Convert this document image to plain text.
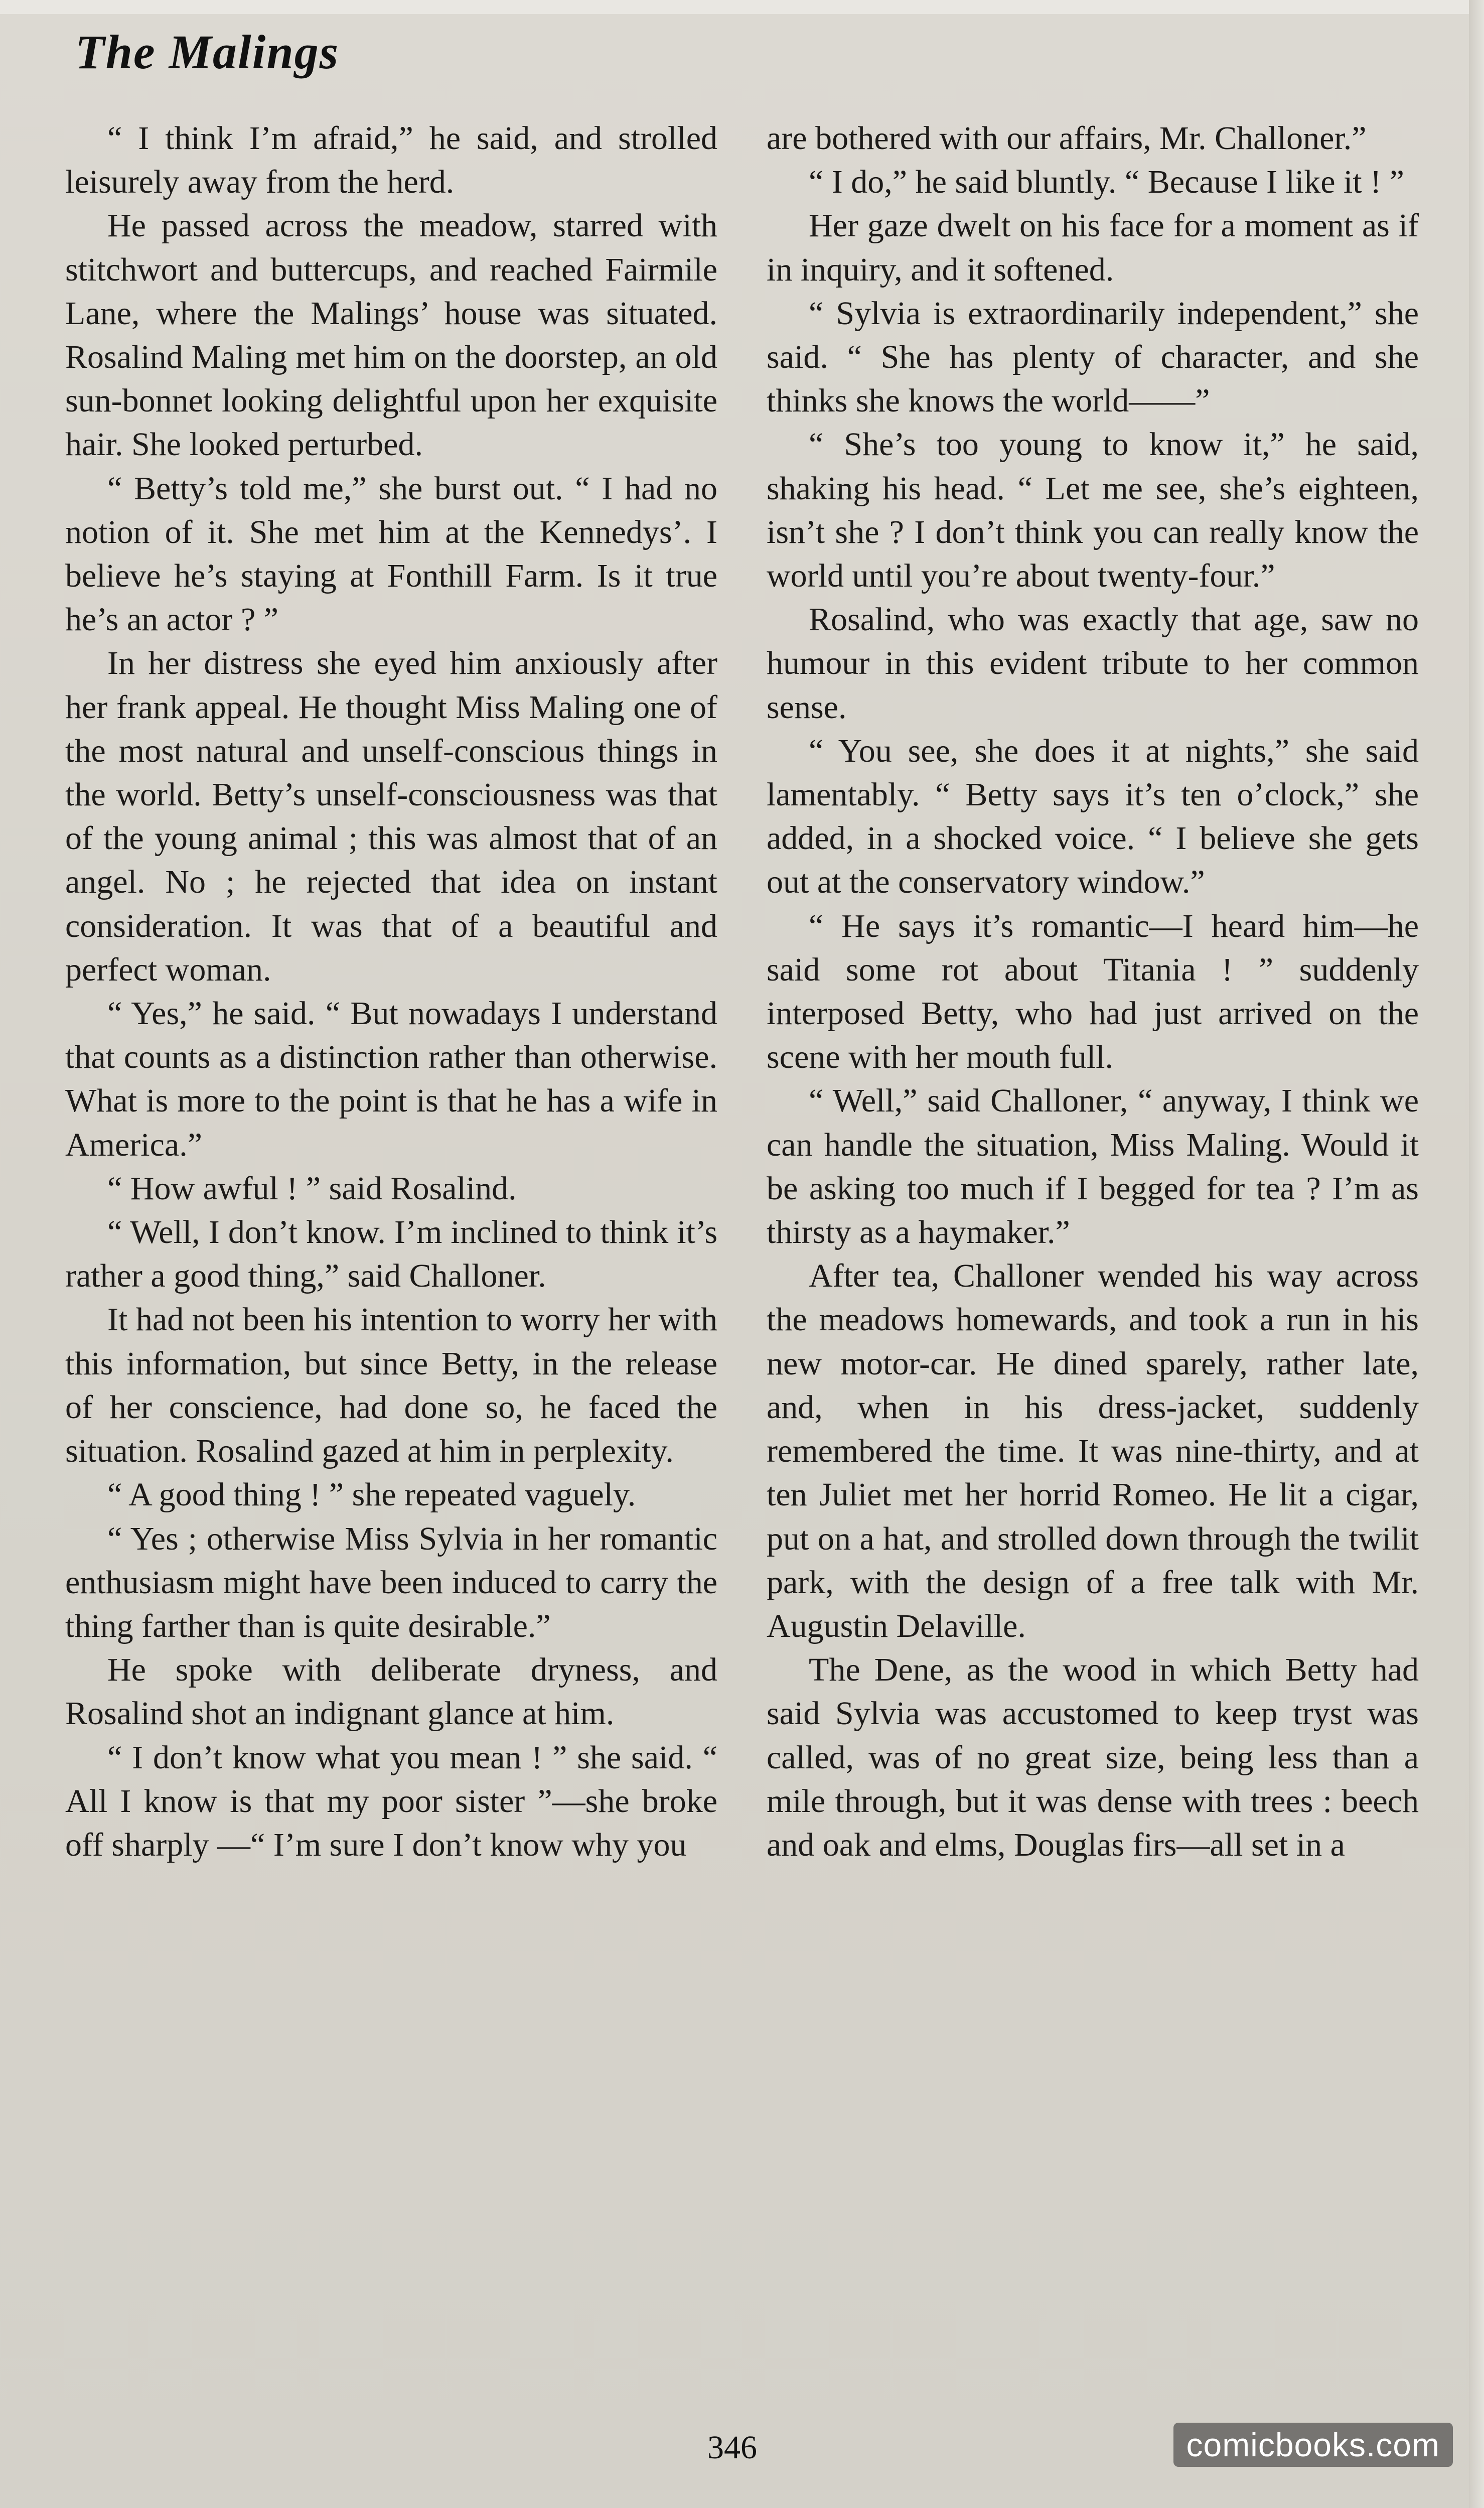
The Malings

“ I think I’m afraid,” he said, and strolled leisurely away from the herd.

He passed across the meadow, starred with stitchwort and buttercups, and reached Fairmile Lane, where the Malings’ house was situated. Rosalind Maling met him on the doorstep, an old sun-bonnet looking delightful upon her exquisite hair. She looked perturbed.

“ Betty’s told me,” she burst out. “ I had no notion of it. She met him at the Kennedys’. I believe he’s staying at Fonthill Farm. Is it true he’s an actor ? ”

In her distress she eyed him anxiously after her frank appeal. He thought Miss Maling one of the most natural and unself-conscious things in the world. Betty’s unself-consciousness was that of the young animal ; this was almost that of an angel. No ; he rejected that idea on instant consideration. It was that of a beautiful and perfect woman.

“ Yes,” he said. “ But nowadays I understand that counts as a distinction rather than otherwise. What is more to the point is that he has a wife in America.”

“ How awful ! ” said Rosalind.

“ Well, I don’t know. I’m inclined to think it’s rather a good thing,” said Challoner.

It had not been his intention to worry her with this information, but since Betty, in the release of her conscience, had done so, he faced the situation. Rosalind gazed at him in perplexity.

“ A good thing ! ” she repeated vaguely.

“ Yes ; otherwise Miss Sylvia in her romantic enthusiasm might have been induced to carry the thing farther than is quite desirable.”

He spoke with deliberate dryness, and Rosalind shot an indignant glance at him.

“ I don’t know what you mean ! ” she said. “ All I know is that my poor sister ”—she broke off sharply —“ I’m sure I don’t know why you

are bothered with our affairs, Mr. Challoner.”

“ I do,” he said bluntly. “ Because I like it ! ”

Her gaze dwelt on his face for a moment as if in inquiry, and it softened.

“ Sylvia is extraordinarily independent,” she said. “ She has plenty of character, and she thinks she knows the world——”

“ She’s too young to know it,” he said, shaking his head. “ Let me see, she’s eighteen, isn’t she ? I don’t think you can really know the world until you’re about twenty-four.”

Rosalind, who was exactly that age, saw no humour in this evident tribute to her common sense.

“ You see, she does it at nights,” she said lamentably. “ Betty says it’s ten o’clock,” she added, in a shocked voice. “ I believe she gets out at the conservatory window.”

“ He says it’s romantic—I heard him—he said some rot about Titania ! ” suddenly interposed Betty, who had just arrived on the scene with her mouth full.

“ Well,” said Challoner, “ anyway, I think we can handle the situation, Miss Maling. Would it be asking too much if I begged for tea ? I’m as thirsty as a haymaker.”

After tea, Challoner wended his way across the meadows homewards, and took a run in his new motor-car. He dined sparely, rather late, and, when in his dress-jacket, suddenly remembered the time. It was nine-thirty, and at ten Juliet met her horrid Romeo. He lit a cigar, put on a hat, and strolled down through the twilit park, with the design of a free talk with Mr. Augustin Delaville.

The Dene, as the wood in which Betty had said Sylvia was accustomed to keep tryst was called, was of no great size, being less than a mile through, but it was dense with trees : beech and oak and elms, Douglas firs—all set in a

346	comicbooks.com
